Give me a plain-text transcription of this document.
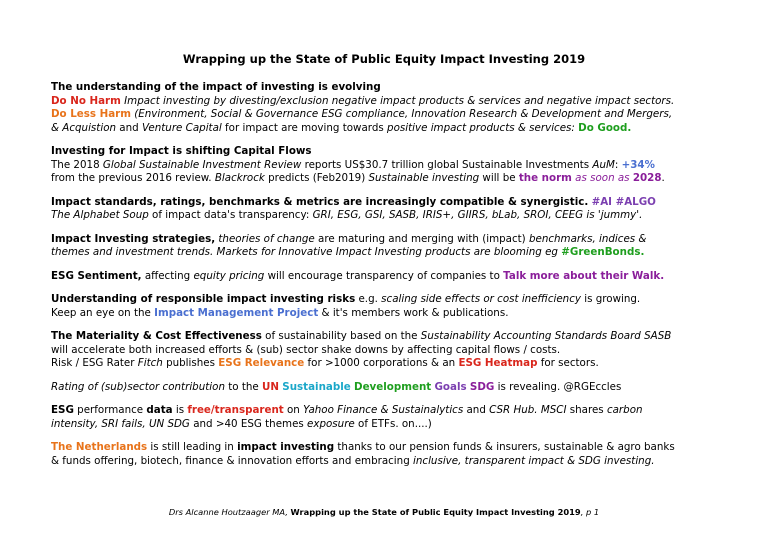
Wrapping up the State of Public Equity Impact Investing 2019
The understanding of the impact of investing is evolving
Do No Harm Impact investing by divesting/exclusion negative impact products & services and negative impact sectors.
Do Less Harm (Environment, Social & Governance ESG compliance, Innovation Research & Development and Mergers,
& Acquistion and Venture Capital for impact are moving towards positive impact products & services: Do Good.
Investing for Impact is shifting Capital Flows
The 2018 Global Sustainable Investment Review reports US$30.7 trillion global Sustainable Investments AuM: +34%
from the previous 2016 review. Blackrock predicts (Feb2019) Sustainable investing will be the norm as soon as 2028.
Impact standards, ratings, benchmarks & metrics are increasingly compatible & synergistic. #AI #ALGO
The Alphabet Soup of impact data's transparency: GRI, ESG, GSI, SASB, IRIS+, GIIRS, bLab, SROI, CEEG is 'jummy'.
Impact Investing strategies, theories of change are maturing and merging with (impact) benchmarks, indices &
themes and investment trends. Markets for Innovative Impact Investing products are blooming eg #GreenBonds.
ESG Sentiment, affecting equity pricing will encourage transparency of companies to Talk more about their Walk.
Understanding of responsible impact investing risks e.g. scaling side effects or cost inefficiency is growing.
Keep an eye on the Impact Management Project & it's members work & publications.
The Materiality & Cost Effectiveness of sustainability based on the Sustainability Accounting Standards Board SASB
will accelerate both increased efforts & (sub) sector shake downs by affecting capital flows / costs.
Risk / ESG Rater Fitch publishes ESG Relevance for >1000 corporations & an ESG Heatmap for sectors.
Rating of (sub)sector contribution to the UN Sustainable Development Goals SDG is revealing. @RGEccles
ESG performance data is free/transparent on Yahoo Finance & Sustainalytics and CSR Hub. MSCI shares carbon
intensity, SRI fails, UN SDG and >40 ESG themes exposure of ETFs. on....)
The Netherlands is still leading in impact investing thanks to our pension funds & insurers, sustainable & agro banks
& funds offering, biotech, finance & innovation efforts and embracing inclusive, transparent impact & SDG investing.
Drs Alcanne Houtzaager MA, Wrapping up the State of Public Equity Impact Investing 2019, p 1
